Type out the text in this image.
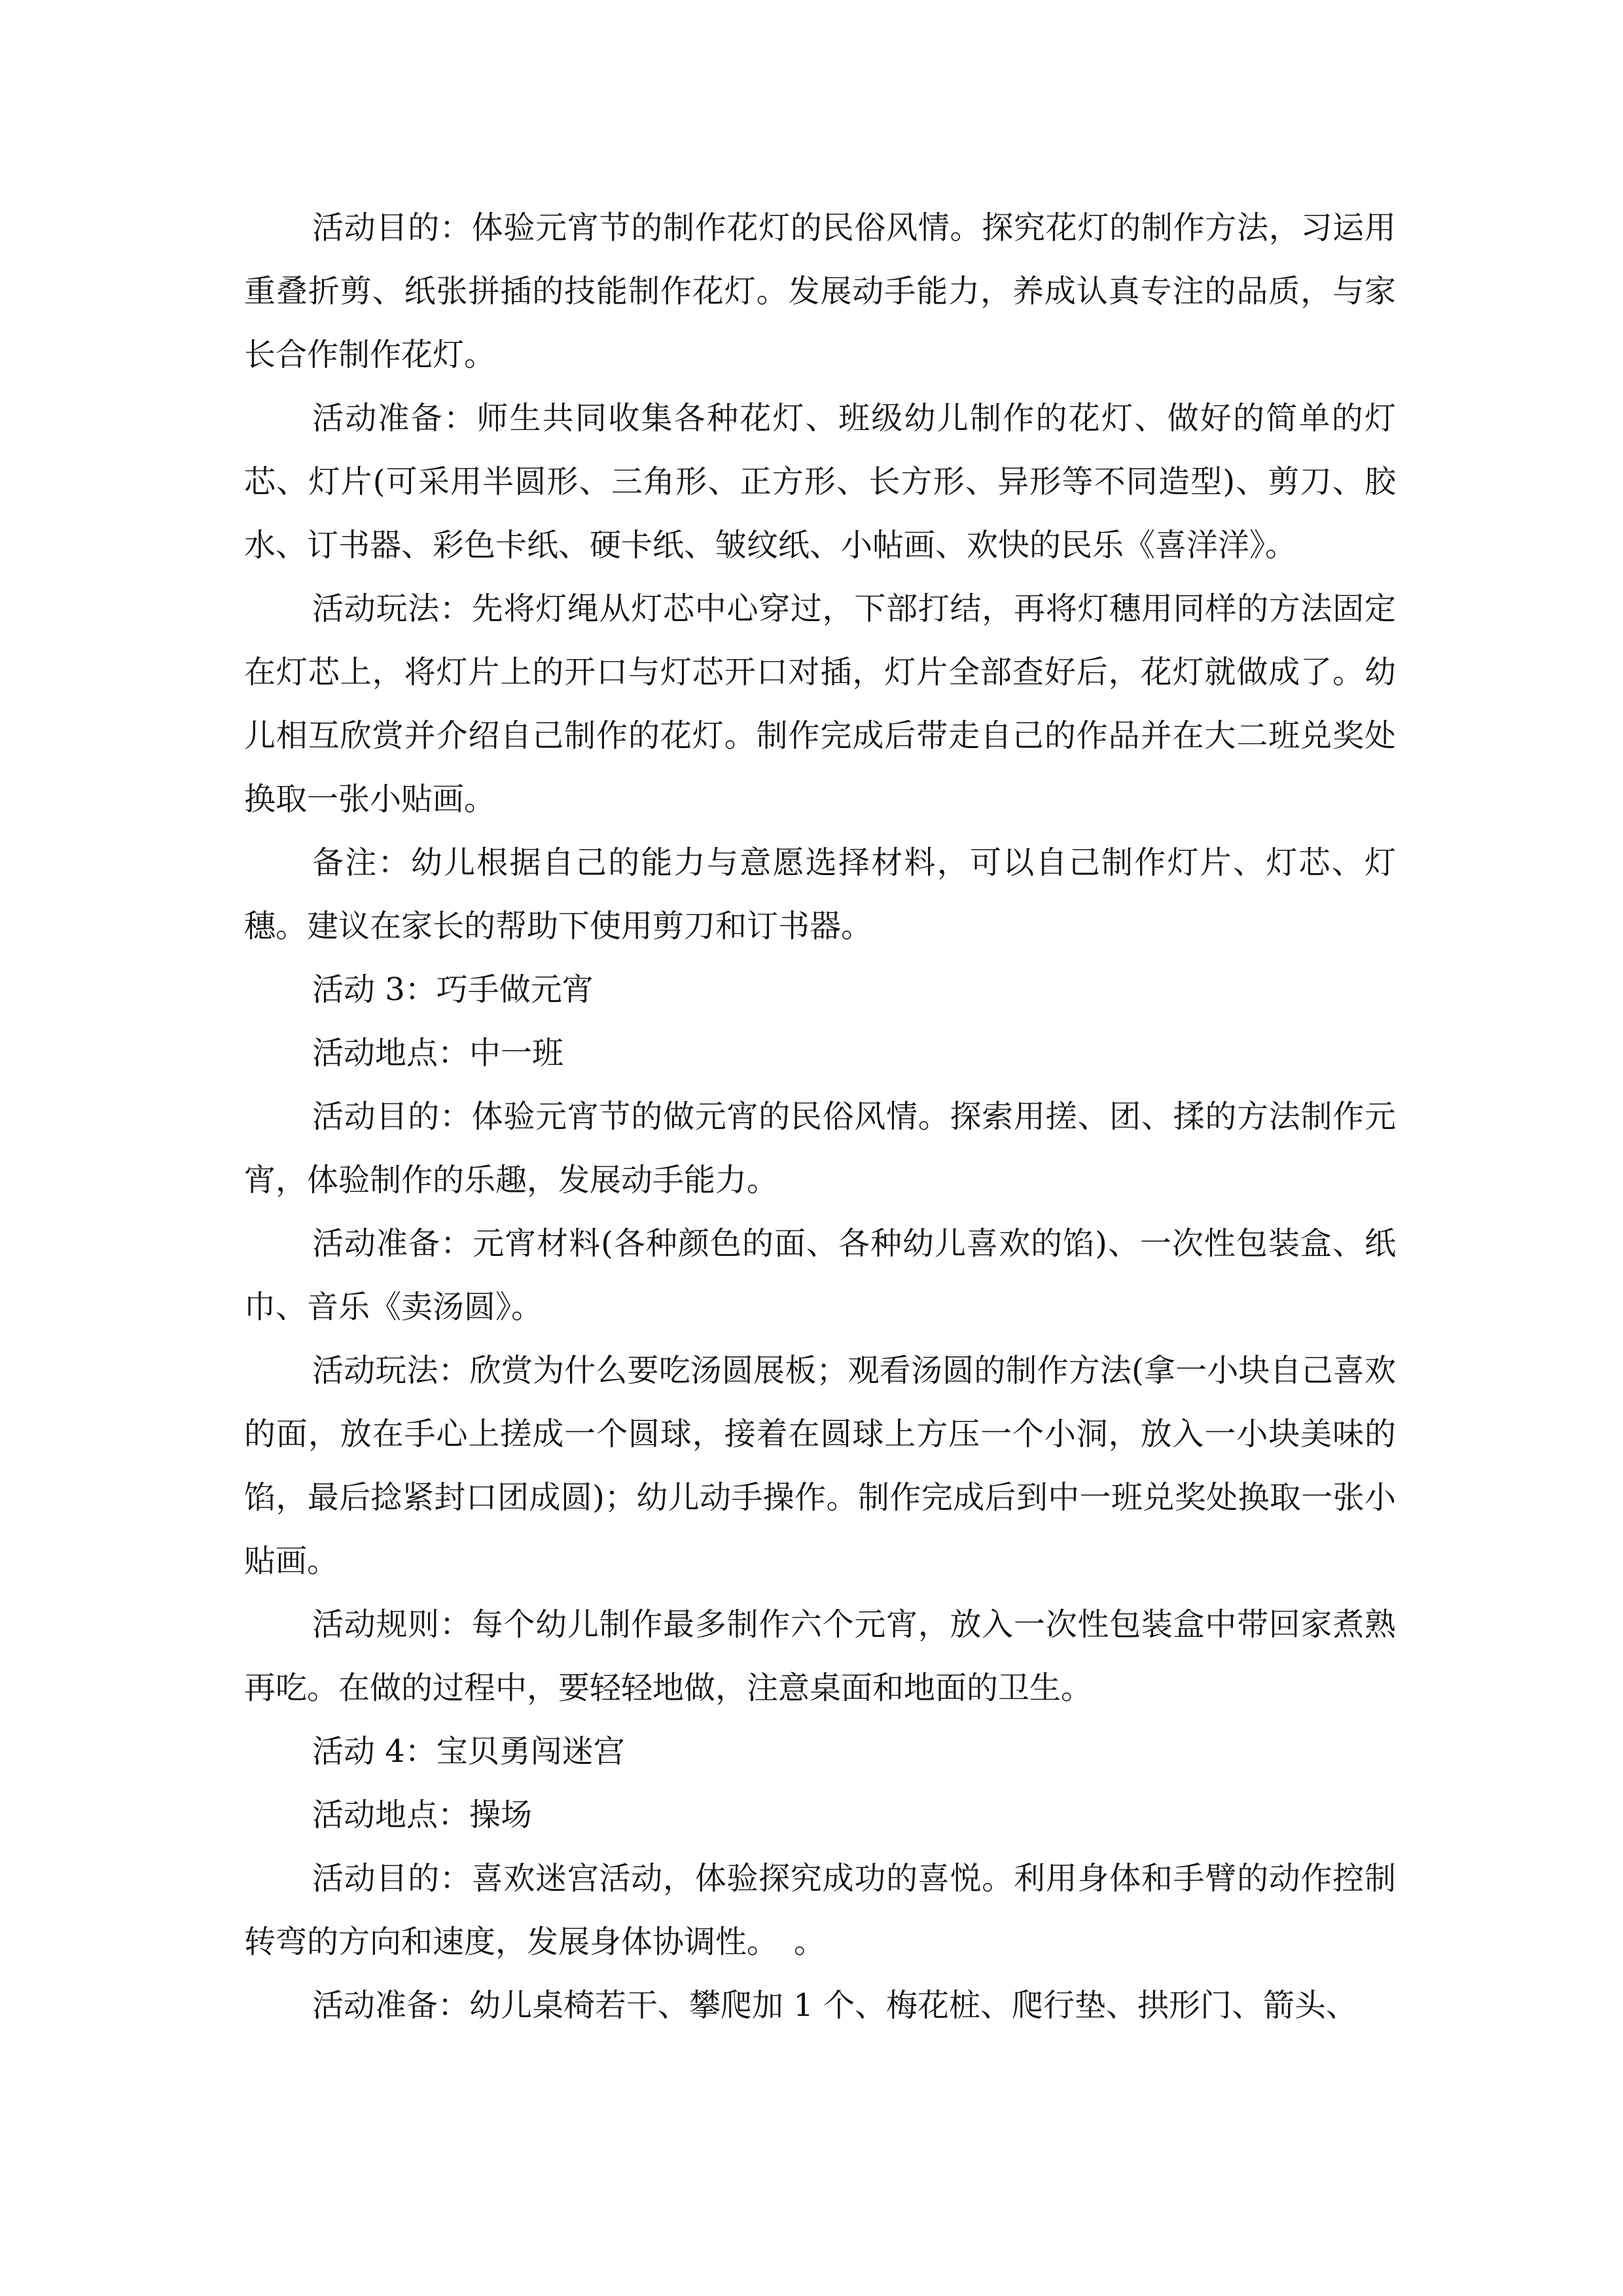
活动目的：体验元宵节的制作花灯的民俗风情。探究花灯的制作方法，习运用重叠折剪、纸张拼插的技能制作花灯。发展动手能力，养成认真专注的品质，与家长合作制作花灯。

活动准备：师生共同收集各种花灯、班级幼儿制作的花灯、做好的简单的灯芯、灯片(可采用半圆形、三角形、正方形、长方形、异形等不同造型)、剪刀、胶水、订书器、彩色卡纸、硬卡纸、皱纹纸、小帖画、欢快的民乐《喜洋洋》。

活动玩法：先将灯绳从灯芯中心穿过，下部打结，再将灯穗用同样的方法固定在灯芯上，将灯片上的开口与灯芯开口对插，灯片全部查好后，花灯就做成了。幼儿相互欣赏并介绍自己制作的花灯。制作完成后带走自己的作品并在大二班兑奖处换取一张小贴画。

备注：幼儿根据自己的能力与意愿选择材料，可以自己制作灯片、灯芯、灯穗。建议在家长的帮助下使用剪刀和订书器。

活动 3：巧手做元宵

活动地点：中一班

活动目的：体验元宵节的做元宵的民俗风情。探索用搓、团、揉的方法制作元宵，体验制作的乐趣，发展动手能力。

活动准备：元宵材料(各种颜色的面、各种幼儿喜欢的馅)、一次性包装盒、纸巾、音乐《卖汤圆》。

活动玩法：欣赏为什么要吃汤圆展板；观看汤圆的制作方法(拿一小块自己喜欢的面，放在手心上搓成一个圆球，接着在圆球上方压一个小洞，放入一小块美味的馅，最后捻紧封口团成圆)；幼儿动手操作。制作完成后到中一班兑奖处换取一张小贴画。

活动规则：每个幼儿制作最多制作六个元宵，放入一次性包装盒中带回家煮熟再吃。在做的过程中，要轻轻地做，注意桌面和地面的卫生。

活动 4：宝贝勇闯迷宫

活动地点：操场

活动目的：喜欢迷宫活动，体验探究成功的喜悦。利用身体和手臂的动作控制转弯的方向和速度，发展身体协调性。　。

活动准备：幼儿桌椅若干、攀爬加 1 个、梅花桩、爬行垫、拱形门、箭头、
